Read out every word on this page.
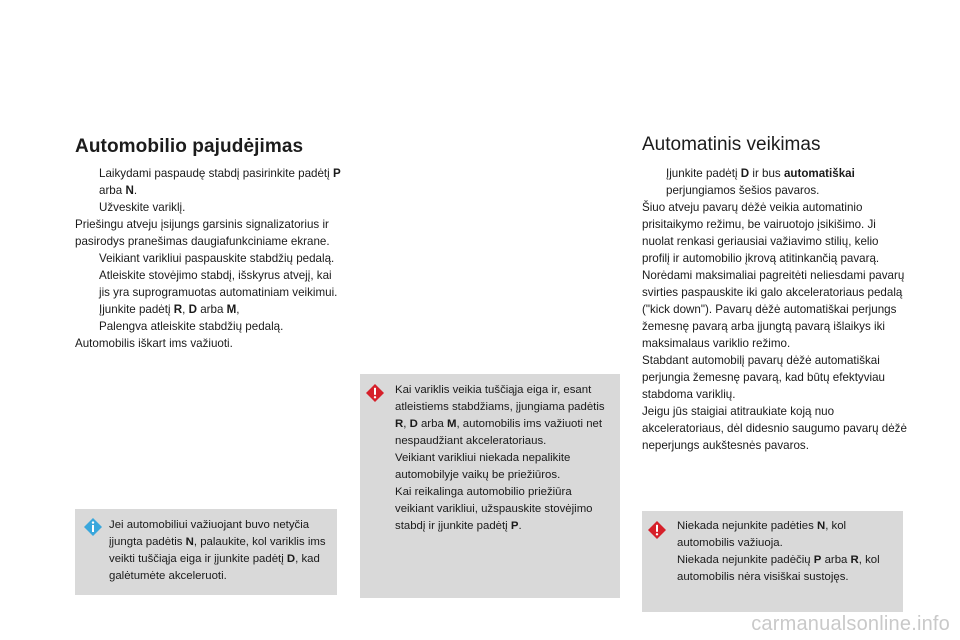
Automobilio pajudėjimas
Laikydami paspaudę stabdį pasirinkite padėtį P arba N.
Užveskite variklį.

Priešingu atveju įsijungs garsinis signalizatorius ir pasirodys pranešimas daugiafunkciniame ekrane.

Veikiant varikliui paspauskite stabdžių pedalą.
Atleiskite stovėjimo stabdį, išskyrus atvejį, kai jis yra suprogramuotas automatiniam veikimui.
Įjunkite padėtį R, D arba M,
Palengva atleiskite stabdžių pedalą.

Automobilis iškart ims važiuoti.

Jei automobiliui važiuojant buvo netyčia įjungta padėtis N, palaukite, kol variklis ims veikti tuščiąja eiga ir įjunkite padėtį D, kad galėtumėte akceleruoti.
Kai variklis veikia tuščiąja eiga ir, esant atleistiems stabdžiams, įjungiama padėtis R, D arba M, automobilis ims važiuoti net nespaudžiant akceleratoriaus.
Veikiant varikliui niekada nepalikite automobilyje vaikų be priežiūros.
Kai reikalinga automobilio priežiūra veikiant varikliui, užspauskite stovėjimo stabdį ir įjunkite padėtį P.
Automatinis veikimas
Įjunkite padėtį D ir bus automatiškai perjungiamos šešios pavaros.

Šiuo atveju pavarų dėžė veikia automatinio prisitaikymo režimu, be vairuotojo įsikišimo. Ji nuolat renkasi geriausiai važiavimo stilių, kelio profilį ir automobilio įkrovą atitinkančią pavarą.

Norėdami maksimaliai pagreitėti neliesdami pavarų svirties paspauskite iki galo akceleratoriaus pedalą ("kick down"). Pavarų dėžė automatiškai perjungs žemesnę pavarą arba įjungtą pavarą išlaikys iki maksimalaus variklio režimo.

Stabdant automobilį pavarų dėžė automatiškai perjungia žemesnę pavarą, kad būtų efektyviau stabdoma variklių.

Jeigu jūs staigiai atitraukiate koją nuo akceleratoriaus, dėl didesnio saugumo pavarų dėžė neperjungs aukštesnės pavaros.

Niekada nejunkite padėties N, kol automobilis važiuoja.
Niekada nejunkite padėčių P arba R, kol automobilis nėra visiškai sustojęs.
carmanualsonline.info
